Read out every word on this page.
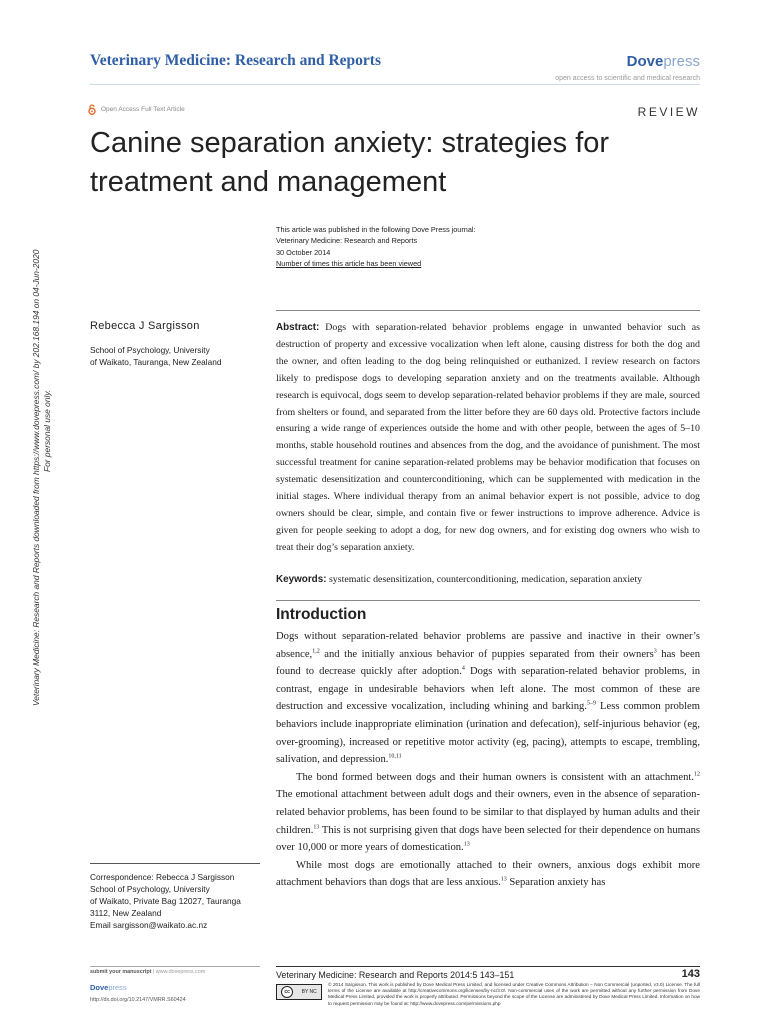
Veterinary Medicine: Research and Reports	Dovepress
open access to scientific and medical research
Open Access Full Text Article	REVIEW
Canine separation anxiety: strategies for
treatment and management
Veterinary Medicine: Research and Reports downloaded from https://www.dovepress.com/ by 202.168.194 on 04-Jun-2020 For personal use only.
This article was published in the following Dove Press journal:
Veterinary Medicine: Research and Reports
30 October 2014
Number of times this article has been viewed
Rebecca J Sargisson
School of Psychology, University
of Waikato, Tauranga, New Zealand
Abstract: Dogs with separation-related behavior problems engage in unwanted behavior such as destruction of property and excessive vocalization when left alone, causing distress for both the dog and the owner, and often leading to the dog being relinquished or euthanized. I review research on factors likely to predispose dogs to developing separation anxiety and on the treatments available. Although research is equivocal, dogs seem to develop separation-related behavior problems if they are male, sourced from shelters or found, and separated from the litter before they are 60 days old. Protective factors include ensuring a wide range of experiences outside the home and with other people, between the ages of 5–10 months, stable household routines and absences from the dog, and the avoidance of punishment. The most successful treatment for canine separation-related problems may be behavior modification that focuses on systematic desensitization and counterconditioning, which can be supplemented with medication in the initial stages. Where individual therapy from an animal behavior expert is not possible, advice to dog owners should be clear, simple, and contain five or fewer instructions to improve adherence. Advice is given for people seeking to adopt a dog, for new dog owners, and for existing dog owners who wish to treat their dog’s separation anxiety.
Keywords: systematic desensitization, counterconditioning, medication, separation anxiety
Introduction

Dogs without separation-related behavior problems are passive and inactive in their owner’s absence,$^{1,2}$ and the initially anxious behavior of puppies separated from their owners$^3$ has been found to decrease quickly after adoption.$^4$ Dogs with separation-related behavior problems, in contrast, engage in undesirable behaviors when left alone. The most common of these are destruction and excessive vocalization, including whining and barking.$^{5-9}$ Less common problem behaviors include inappropriate elimination (urination and defecation), self-injurious behavior (eg, over-grooming), increased or repetitive motor activity (eg, pacing), attempts to escape, trembling, salivation, and depression.$^{10,11}$

The bond formed between dogs and their human owners is consistent with an attachment.$^{12}$ The emotional attachment between adult dogs and their owners, even in the absence of separation-related behavior problems, has been found to be similar to that displayed by human adults and their children.$^{13}$ This is not surprising given that dogs have been selected for their dependence on humans over 10,000 or more years of domestication.$^{13}$

While most dogs are emotionally attached to their owners, anxious dogs exhibit more attachment behaviors than dogs that are less anxious.$^{13}$ Separation anxiety has

Correspondence: Rebecca J Sargisson
School of Psychology, University
of Waikato, Private Bag 12027, Tauranga
3112, New Zealand
Email sargisson@waikato.ac.nz
submit your manuscript | www.dovepress.com
Dovepress
http://dx.doi.org/10.2147/VMRR.S60424
Veterinary Medicine: Research and Reports 2014:5 143–151	143
cc	BY NC
© 2014 Sargisson. This work is published by Dove Medical Press Limited, and licensed under Creative Commons Attribution – Non Commercial (unported, v3.0) License. The full terms of the License are available at http://creativecommons.org/licenses/by-nc/3.0/. Non-commercial uses of the work are permitted without any further permission from Dove Medical Press Limited, provided the work is properly attributed. Permissions beyond the scope of the License are administered by Dove Medical Press Limited. Information on how to request permission may be found at: http://www.dovepress.com/permissions.php
